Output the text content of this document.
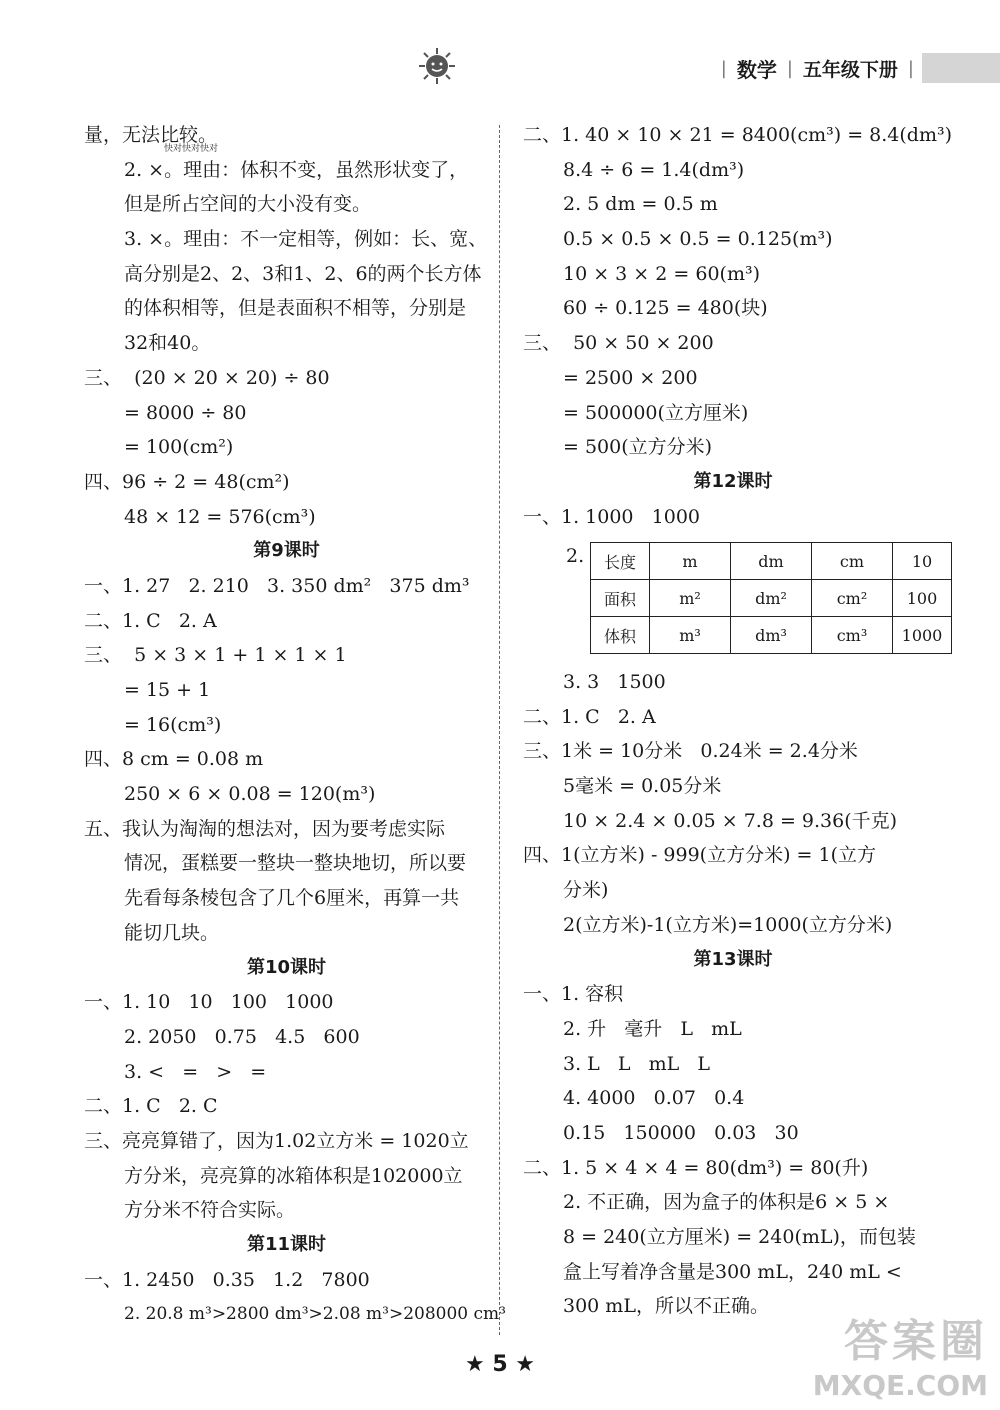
| 数学 | 五年级下册 |
量，无法比较。
2. ×。理由：体积不变，虽然形状变了，
快对快对快对
但是所占空间的大小没有变。
3. ×。理由：不一定相等，例如：长、宽、
高分别是2、2、3和1、2、6的两个长方体
的体积相等，但是表面积不相等，分别是
32和40。
三、  (20 × 20 × 20) ÷ 80
= 8000 ÷ 80
= 100(cm²)
四、96 ÷ 2 = 48(cm²)
48 × 12 = 576(cm³)
第9课时
一、1. 27   2. 210   3. 350 dm²   375 dm³
二、1. C   2. A
三、  5 × 3 × 1 + 1 × 1 × 1
= 15 + 1
= 16(cm³)
四、8 cm = 0.08 m
250 × 6 × 0.08 = 120(m³)
五、我认为淘淘的想法对，因为要考虑实际
情况，蛋糕要一整块一整块地切，所以要
先看每条棱包含了几个6厘米，再算一共
能切几块。
第10课时
一、1. 10   10   100   1000
2. 2050   0.75   4.5   600
3. <   =   >   =
二、1. C   2. C
三、亮亮算错了，因为1.02立方米 = 1020立
方分米，亮亮算的冰箱体积是102000立
方分米不符合实际。
第11课时
一、1. 2450   0.35   1.2   7800
2. 20.8 m³>2800 dm³>2.08 m³>208000 cm³
二、1. 40 × 10 × 21 = 8400(cm³) = 8.4(dm³)
8.4 ÷ 6 = 1.4(dm³)
2. 5 dm = 0.5 m
0.5 × 0.5 × 0.5 = 0.125(m³)
10 × 3 × 2 = 60(m³)
60 ÷ 0.125 = 480(块)
三、  50 × 50 × 200
= 2500 × 200
= 500000(立方厘米)
= 500(立方分米)
第12课时
一、1. 1000   1000
2. 长度	m	dm	cm	10
面积	m²	dm²	cm²	100
体积	m³	dm³	cm³	1000
3. 3   1500
二、1. C   2. A
三、1米 = 10分米   0.24米 = 2.4分米
5毫米 = 0.05分米
10 × 2.4 × 0.05 × 7.8 = 9.36(千克)
四、1(立方米) - 999(立方分米) = 1(立方
分米)
2(立方米)-1(立方米)=1000(立方分米)
第13课时
一、1. 容积
2. 升   毫升   L   mL
3. L   L   mL   L
4. 4000   0.07   0.4
0.15   150000   0.03   30
二、1. 5 × 4 × 4 = 80(dm³) = 80(升)
2. 不正确，因为盒子的体积是6 × 5 ×
8 = 240(立方厘米) = 240(mL)，而包装
盒上写着净含量是300 mL，240 mL <
300 mL，所以不正确。
★ 5 ★	答案圈
MXQE.COM
